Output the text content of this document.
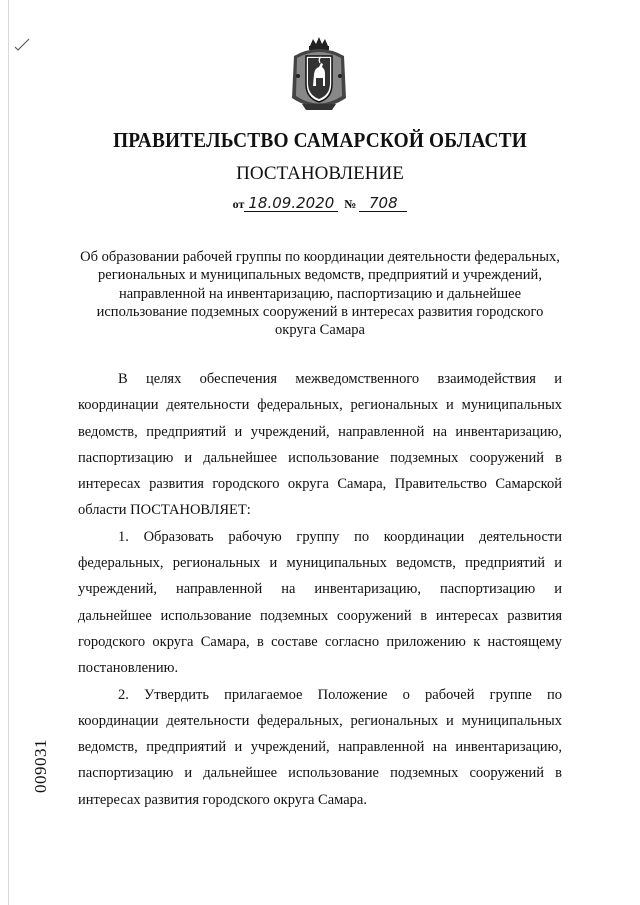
ПРАВИТЕЛЬСТВО САМАРСКОЙ ОБЛАСТИ
ПОСТАНОВЛЕНИЕ
от 18.09.2020 № 708
Об образовании рабочей группы по координации деятельности федеральных, региональных и муниципальных ведомств, предприятий и учреждений, направленной на инвентаризацию, паспортизацию и дальнейшее использование подземных сооружений в интересах развития городского округа Самара

В целях обеспечения межведомственного взаимодействия и координации деятельности федеральных, региональных и муниципальных ведомств, предприятий и учреждений, направленной на инвентаризацию, паспортизацию и дальнейшее использование подземных сооружений в интересах развития городского округа Самара, Правительство Самарской области ПОСТАНОВЛЯЕТ:

1. Образовать рабочую группу по координации деятельности федеральных, региональных и муниципальных ведомств, предприятий и учреждений, направленной на инвентаризацию, паспортизацию и дальнейшее использование подземных сооружений в интересах развития городского округа Самара, в составе согласно приложению к настоящему постановлению.

2. Утвердить прилагаемое Положение о рабочей группе по координации деятельности федеральных, региональных и муниципальных ведомств, предприятий и учреждений, направленной на инвентаризацию, паспортизацию и дальнейшее использование подземных сооружений в интересах развития городского округа Самара.

009031
